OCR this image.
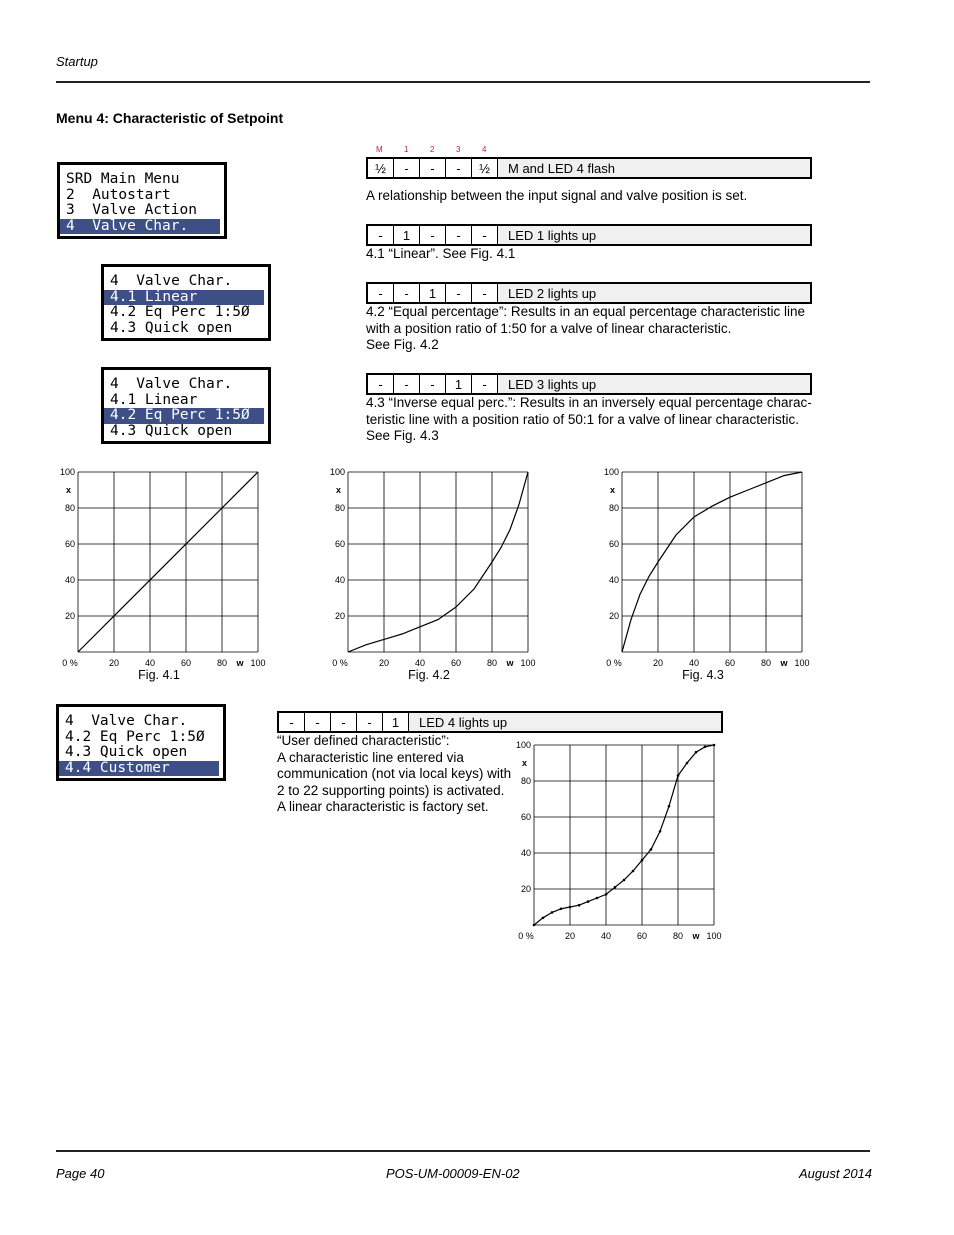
Startup
Menu 4: Characteristic of Setpoint
SRD Main Menu
2  Autostart
3  Valve Action
4  Valve Char.
4  Valve Char.
4.1 Linear
4.2 Eq Perc 1:5Ø
4.3 Quick open
4  Valve Char.
4.1 Linear
4.2 Eq Perc 1:5Ø
4.3 Quick open
4  Valve Char.
4.2 Eq Perc 1:5Ø
4.3 Quick open
4.4 Customer
M	1	2	3	4
½	-	-	-	½	M and LED 4 flash
A relationship between the input signal and valve position is set.
-	1	-	-	-	LED 1 lights up
4.1 “Linear”. See Fig. 4.1
-	-	1	-	-	LED 2 lights up
4.2 “Equal percentage”: Results in an equal percentage characteristic line
with a position ratio of 1:50 for a valve of linear characteristic.
See Fig. 4.2
-	-	-	1	-	LED 3 lights up
4.3 “Inverse equal perc.”: Results in an inversely equal percentage charac-
teristic line with a position ratio of 50:1 for a valve of linear characteristic.
See Fig. 4.3
0 %	20	40	60	80	100
20
40
60
80
100
w
x
Fig. 4.1
0 %	20	40	60	80	100
20
40
60
80
100
w
x
Fig. 4.2
0 %	20	40	60	80	100
20
40
60
80
100
w
x
Fig. 4.3
-	-	-	-	1	LED 4 lights up
“User defined characteristic”:
A characteristic line entered via
communication (not via local keys) with
2 to 22 supporting points) is activated.
A linear characteristic is factory set.
0 %	20	40	60	80	100
20
40
60
80
100
w
x
Page 40	POS-UM-00009-EN-02	August 2014
